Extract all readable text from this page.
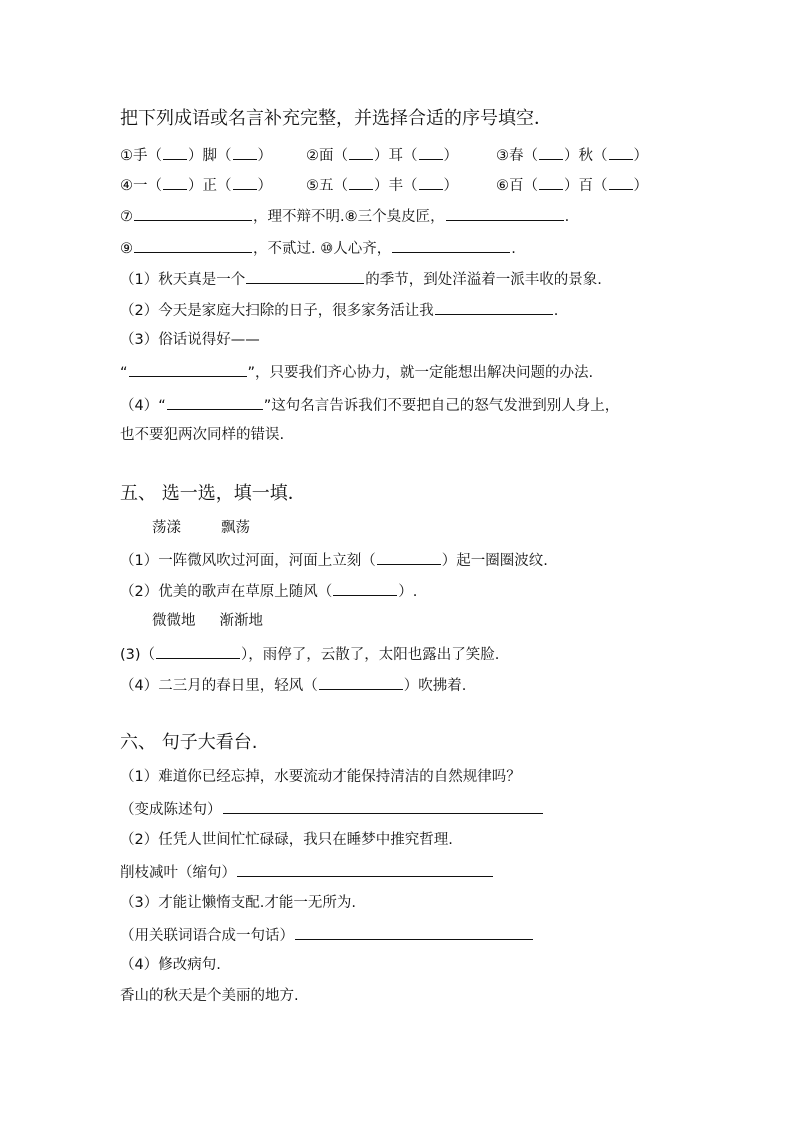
把下列成语或名言补充完整，并选择合适的序号填空．
①手（ ）脚（ ） ②面（ ）耳（ ）	③春（ ）秋（ ）
④一（ ）正（ ） ⑤五（ ）丰（ ）	⑥百（ ）百（ ）
⑦	，理不辩不明.⑧三个臭皮匠，	.
⑨	，不贰过. ⑩人心齐，	.
（1）秋天真是一个	的季节，到处洋溢着一派丰收的景象.
（2）今天是家庭大扫除的日子，很多家务活让我	.
（3）俗话说得好——
“	”，只要我们齐心协力，就一定能想出解决问题的办法.
（4）“	”这句名言告诉我们不要把自己的怒气发泄到别人身上，
也不要犯两次同样的错误.
五、 选一选，填一填．
荡漾	飘荡
（1）一阵微风吹过河面，河面上立刻（	）起一圈圈波纹.
（2）优美的歌声在草原上随风（	）.
微微地 渐渐地
(3)（	），雨停了，云散了，太阳也露出了笑脸.
（4）二三月的春日里，轻风（	）吹拂着.
六、 句子大看台.
（1）难道你已经忘掉，水要流动才能保持清洁的自然规律吗？
（变成陈述句）
（2）任凭人世间忙忙碌碌，我只在睡梦中推究哲理.
削枝减叶（缩句）
（3）才能让懒惰支配.才能一无所为.
（用关联词语合成一句话）
（4）修改病句.
香山的秋天是个美丽的地方.
